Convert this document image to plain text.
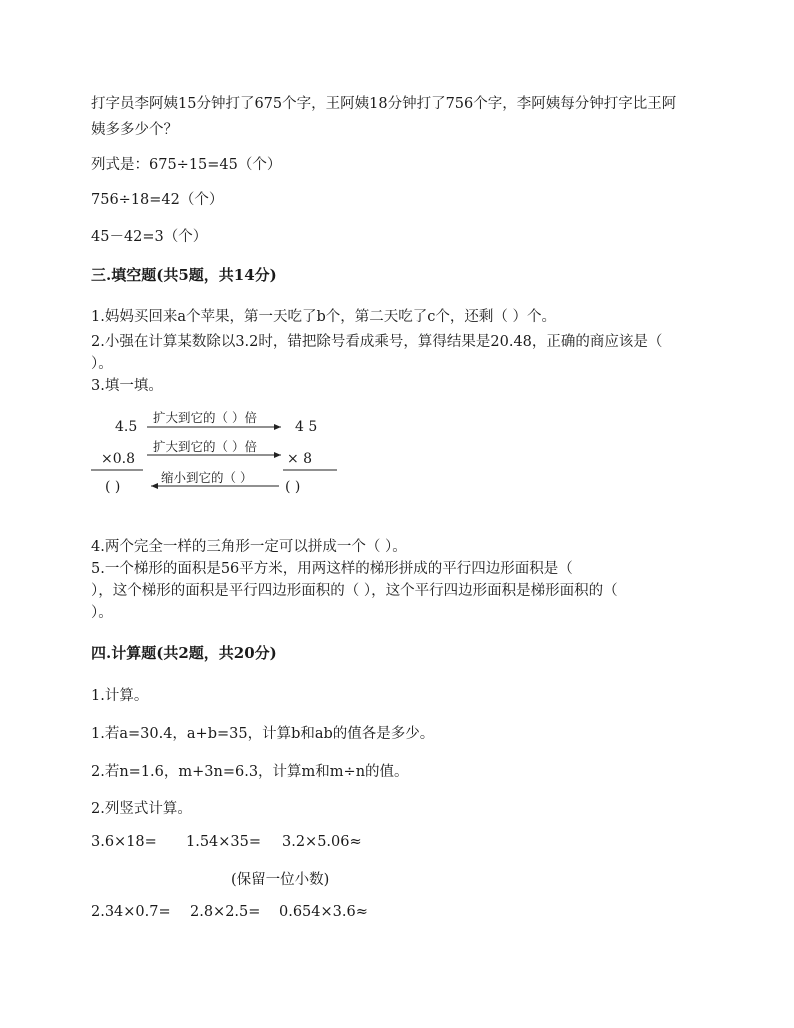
打字员李阿姨15分钟打了675个字，王阿姨18分钟打了756个字，李阿姨每分钟打字比王阿
姨多多少个？
列式是：675÷15=45（个）
756÷18=42（个）
45－42=3（个）
三.填空题(共5题，共14分)
1.妈妈买回来a个苹果，第一天吃了b个，第二天吃了c个，还剩（ ）个。
2.小强在计算某数除以3.2时，错把除号看成乘号，算得结果是20.48，正确的商应该是（
）。
3.填一填。
4.5	4 5
×0.8	× 8
( )	( )
扩大到它的（ ）倍
扩大到它的（ ）倍
缩小到它的（ ）
4.两个完全一样的三角形一定可以拼成一个（ ）。
5.一个梯形的面积是56平方米，用两这样的梯形拼成的平行四边形面积是（
），这个梯形的面积是平行四边形面积的（ ），这个平行四边形面积是梯形面积的（
）。
四.计算题(共2题，共20分)
1.计算。
1.若a=30.4，a+b=35，计算b和ab的值各是多少。
2.若n=1.6，m+3n=6.3，计算m和m÷n的值。
2.列竖式计算。
3.6×18= 1.54×35= 3.2×5.06≈
(保留一位小数)
2.34×0.7= 2.8×2.5= 0.654×3.6≈
